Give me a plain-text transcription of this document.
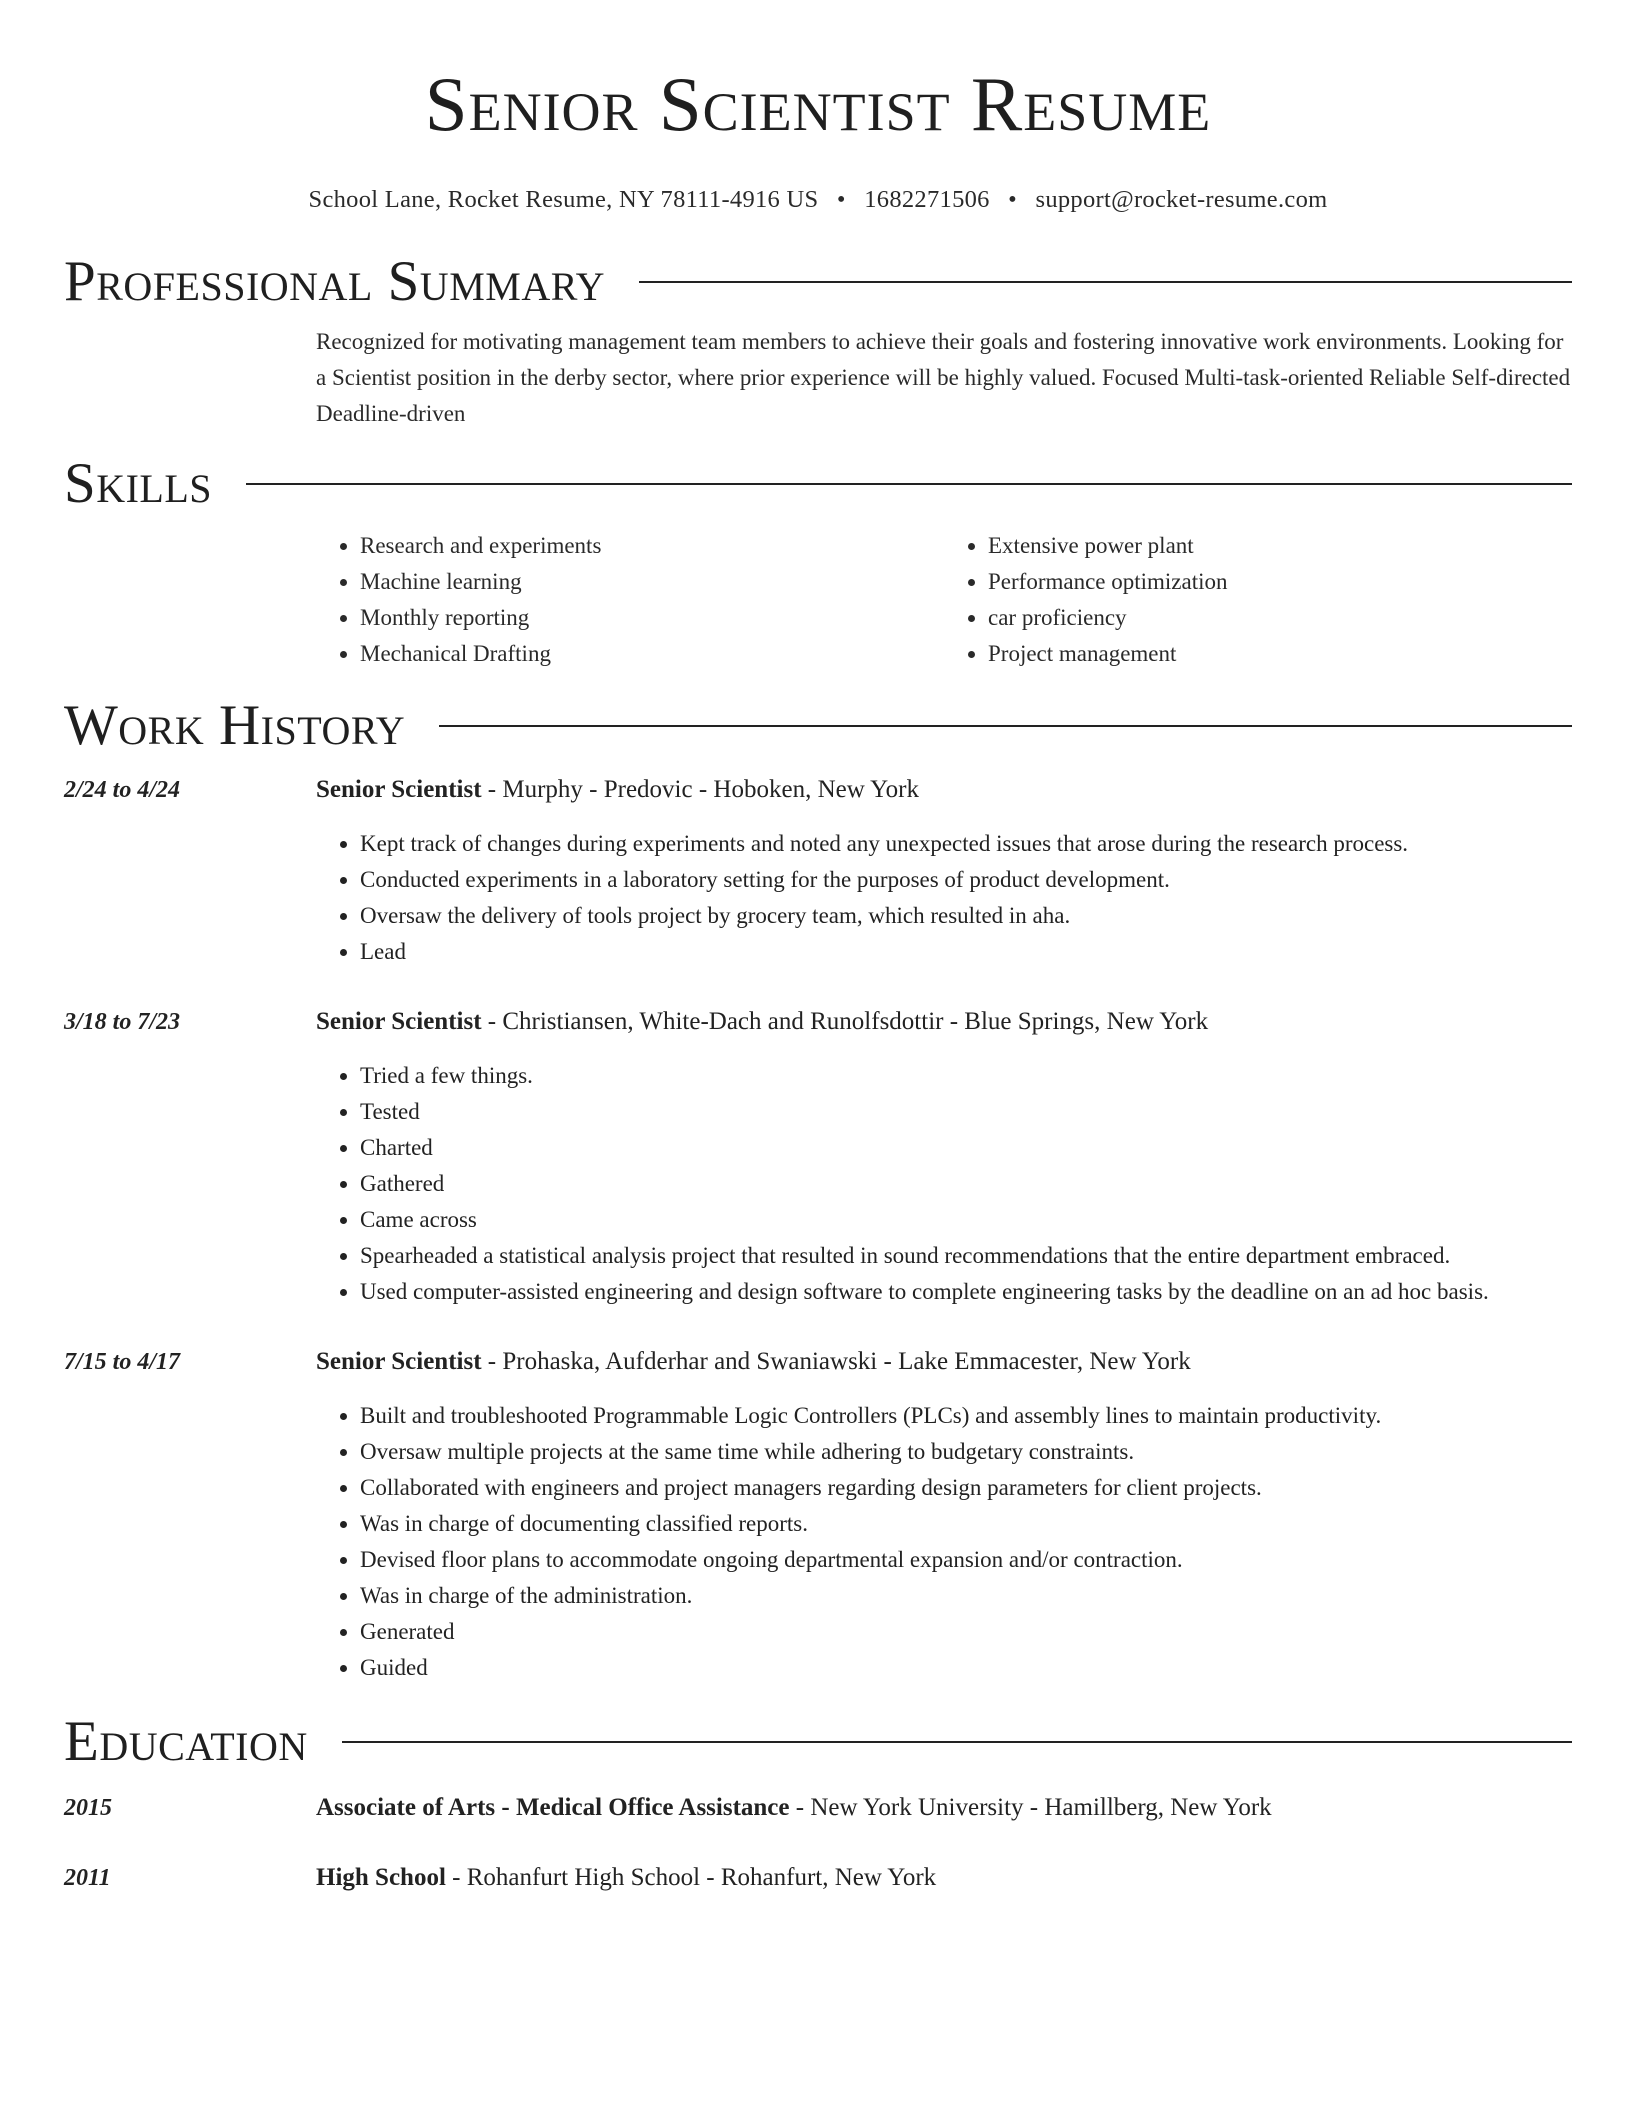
Senior Scientist Resume
School Lane, Rocket Resume, NY 78111-4916 US • 1682271506 • support@rocket-resume.com
Professional Summary
Recognized for motivating management team members to achieve their goals and fostering innovative work environments. Looking for a Scientist position in the derby sector, where prior experience will be highly valued. Focused Multi-task-oriented Reliable Self-directed Deadline-driven
Skills
• Research and experiments
• Machine learning
• Monthly reporting
• Mechanical Drafting
• Extensive power plant
• Performance optimization
• car proficiency
• Project management
Work History
2/24 to 4/24	Senior Scientist - Murphy - Predovic - Hoboken, New York
• Kept track of changes during experiments and noted any unexpected issues that arose during the research process.
• Conducted experiments in a laboratory setting for the purposes of product development.
• Oversaw the delivery of tools project by grocery team, which resulted in aha.
• Lead
3/18 to 7/23	Senior Scientist - Christiansen, White-Dach and Runolfsdottir - Blue Springs, New York
• Tried a few things.
• Tested
• Charted
• Gathered
• Came across
• Spearheaded a statistical analysis project that resulted in sound recommendations that the entire department embraced.
• Used computer-assisted engineering and design software to complete engineering tasks by the deadline on an ad hoc basis.
7/15 to 4/17	Senior Scientist - Prohaska, Aufderhar and Swaniawski - Lake Emmacester, New York
• Built and troubleshooted Programmable Logic Controllers (PLCs) and assembly lines to maintain productivity.
• Oversaw multiple projects at the same time while adhering to budgetary constraints.
• Collaborated with engineers and project managers regarding design parameters for client projects.
• Was in charge of documenting classified reports.
• Devised floor plans to accommodate ongoing departmental expansion and/or contraction.
• Was in charge of the administration.
• Generated
• Guided
Education
2015	Associate of Arts - Medical Office Assistance - New York University - Hamillberg, New York
2011	High School - Rohanfurt High School - Rohanfurt, New York
